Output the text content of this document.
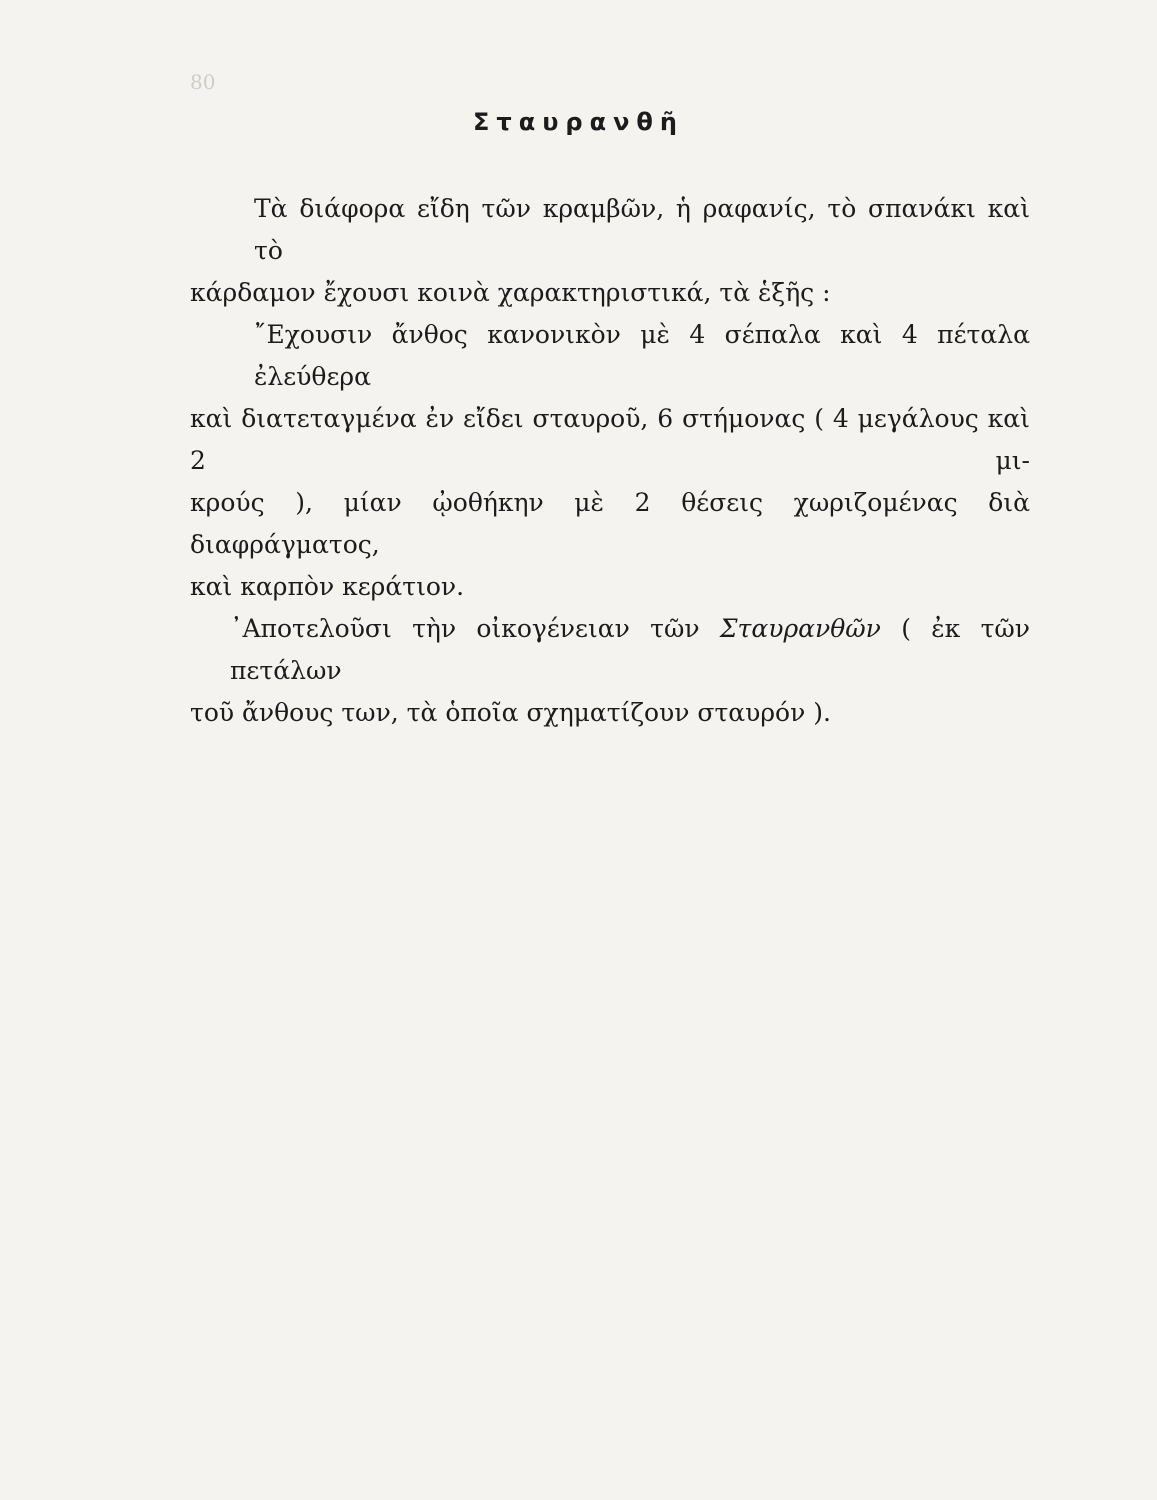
80
Σταυρανθῆ

Τὰ διάφορα εἴδη τῶν κραμβῶν, ἡ ραφανίς, τὸ σπανάκι καὶ τὸ
κάρδαμον ἔχουσι κοινὰ χαρακτηριστικά, τὰ ἑξῆς :

῎Εχουσιν ἄνθος κανονικὸν μὲ 4 σέπαλα καὶ 4 πέταλα ἐλεύθερα
καὶ διατεταγμένα ἐν εἴδει σταυροῦ, 6 στήμονας ( 4 μεγάλους καὶ 2 μι-
κρούς ), μίαν ᾠοθήκην μὲ 2 θέσεις χωριζομένας διὰ διαφράγματος,
καὶ καρπὸν κεράτιον.

᾿Αποτελοῦσι τὴν οἰκογένειαν τῶν Σταυρανθῶν ( ἐκ τῶν πετάλων
τοῦ ἄνθους των, τὰ ὁποῖα σχηματίζουν σταυρόν ).
